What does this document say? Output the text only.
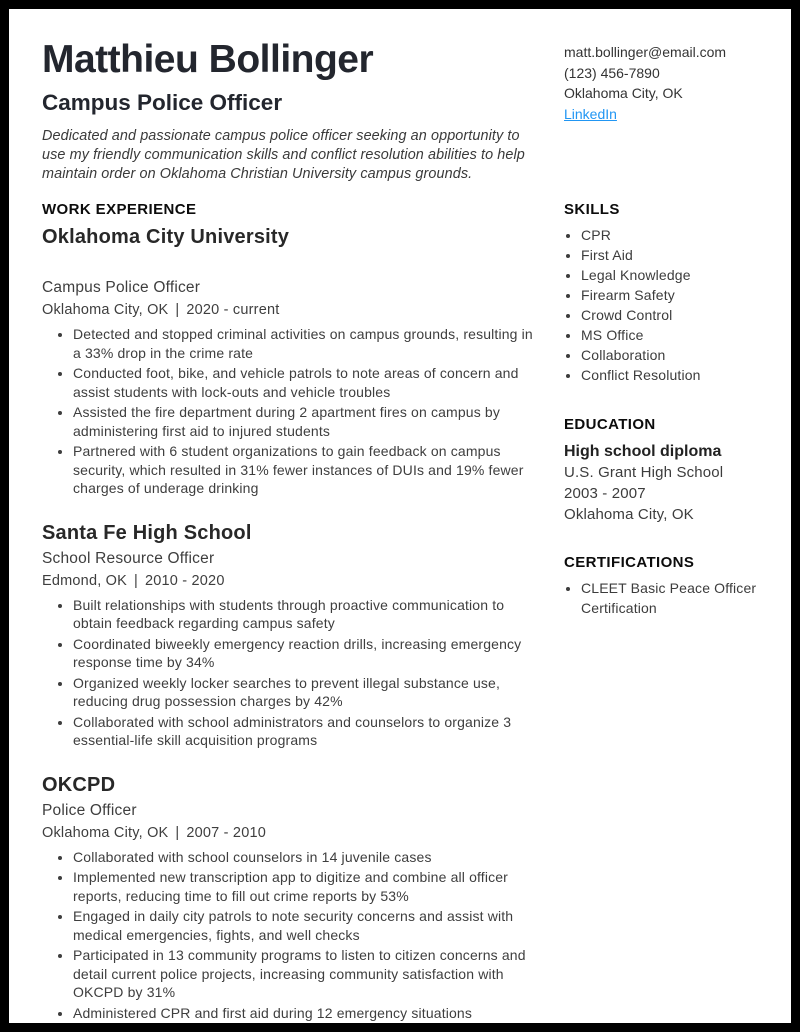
Matthieu Bollinger
Campus Police Officer

Dedicated and passionate campus police officer seeking an opportunity to use my friendly communication skills and conflict resolution abilities to help maintain order on Oklahoma Christian University campus grounds.

matt.bollinger@email.com
(123) 456-7890
Oklahoma City, OK
LinkedIn
WORK EXPERIENCE
Oklahoma City University

Campus Police Officer

Oklahoma City, OK | 2020 - current

• Detected and stopped criminal activities on campus grounds, resulting in a 33% drop in the crime rate
• Conducted foot, bike, and vehicle patrols to note areas of concern and assist students with lock-outs and vehicle troubles
• Assisted the fire department during 2 apartment fires on campus by administering first aid to injured students
• Partnered with 6 student organizations to gain feedback on campus security, which resulted in 31% fewer instances of DUIs and 19% fewer charges of underage drinking
Santa Fe High School

School Resource Officer

Edmond, OK | 2010 - 2020

• Built relationships with students through proactive communication to obtain feedback regarding campus safety
• Coordinated biweekly emergency reaction drills, increasing emergency response time by 34%
• Organized weekly locker searches to prevent illegal substance use, reducing drug possession charges by 42%
• Collaborated with school administrators and counselors to organize 3 essential-life skill acquisition programs
OKCPD

Police Officer

Oklahoma City, OK | 2007 - 2010

• Collaborated with school counselors in 14 juvenile cases
• Implemented new transcription app to digitize and combine all officer reports, reducing time to fill out crime reports by 53%
• Engaged in daily city patrols to note security concerns and assist with medical emergencies, fights, and well checks
• Participated in 13 community programs to listen to citizen concerns and detail current police projects, increasing community satisfaction with OKCPD by 31%
• Administered CPR and first aid during 12 emergency situations
SKILLS
• CPR
• First Aid
• Legal Knowledge
• Firearm Safety
• Crowd Control
• MS Office
• Collaboration
• Conflict Resolution
EDUCATION

High school diploma

U.S. Grant High School

2003 - 2007

Oklahoma City, OK

CERTIFICATIONS
• CLEET Basic Peace Officer Certification
